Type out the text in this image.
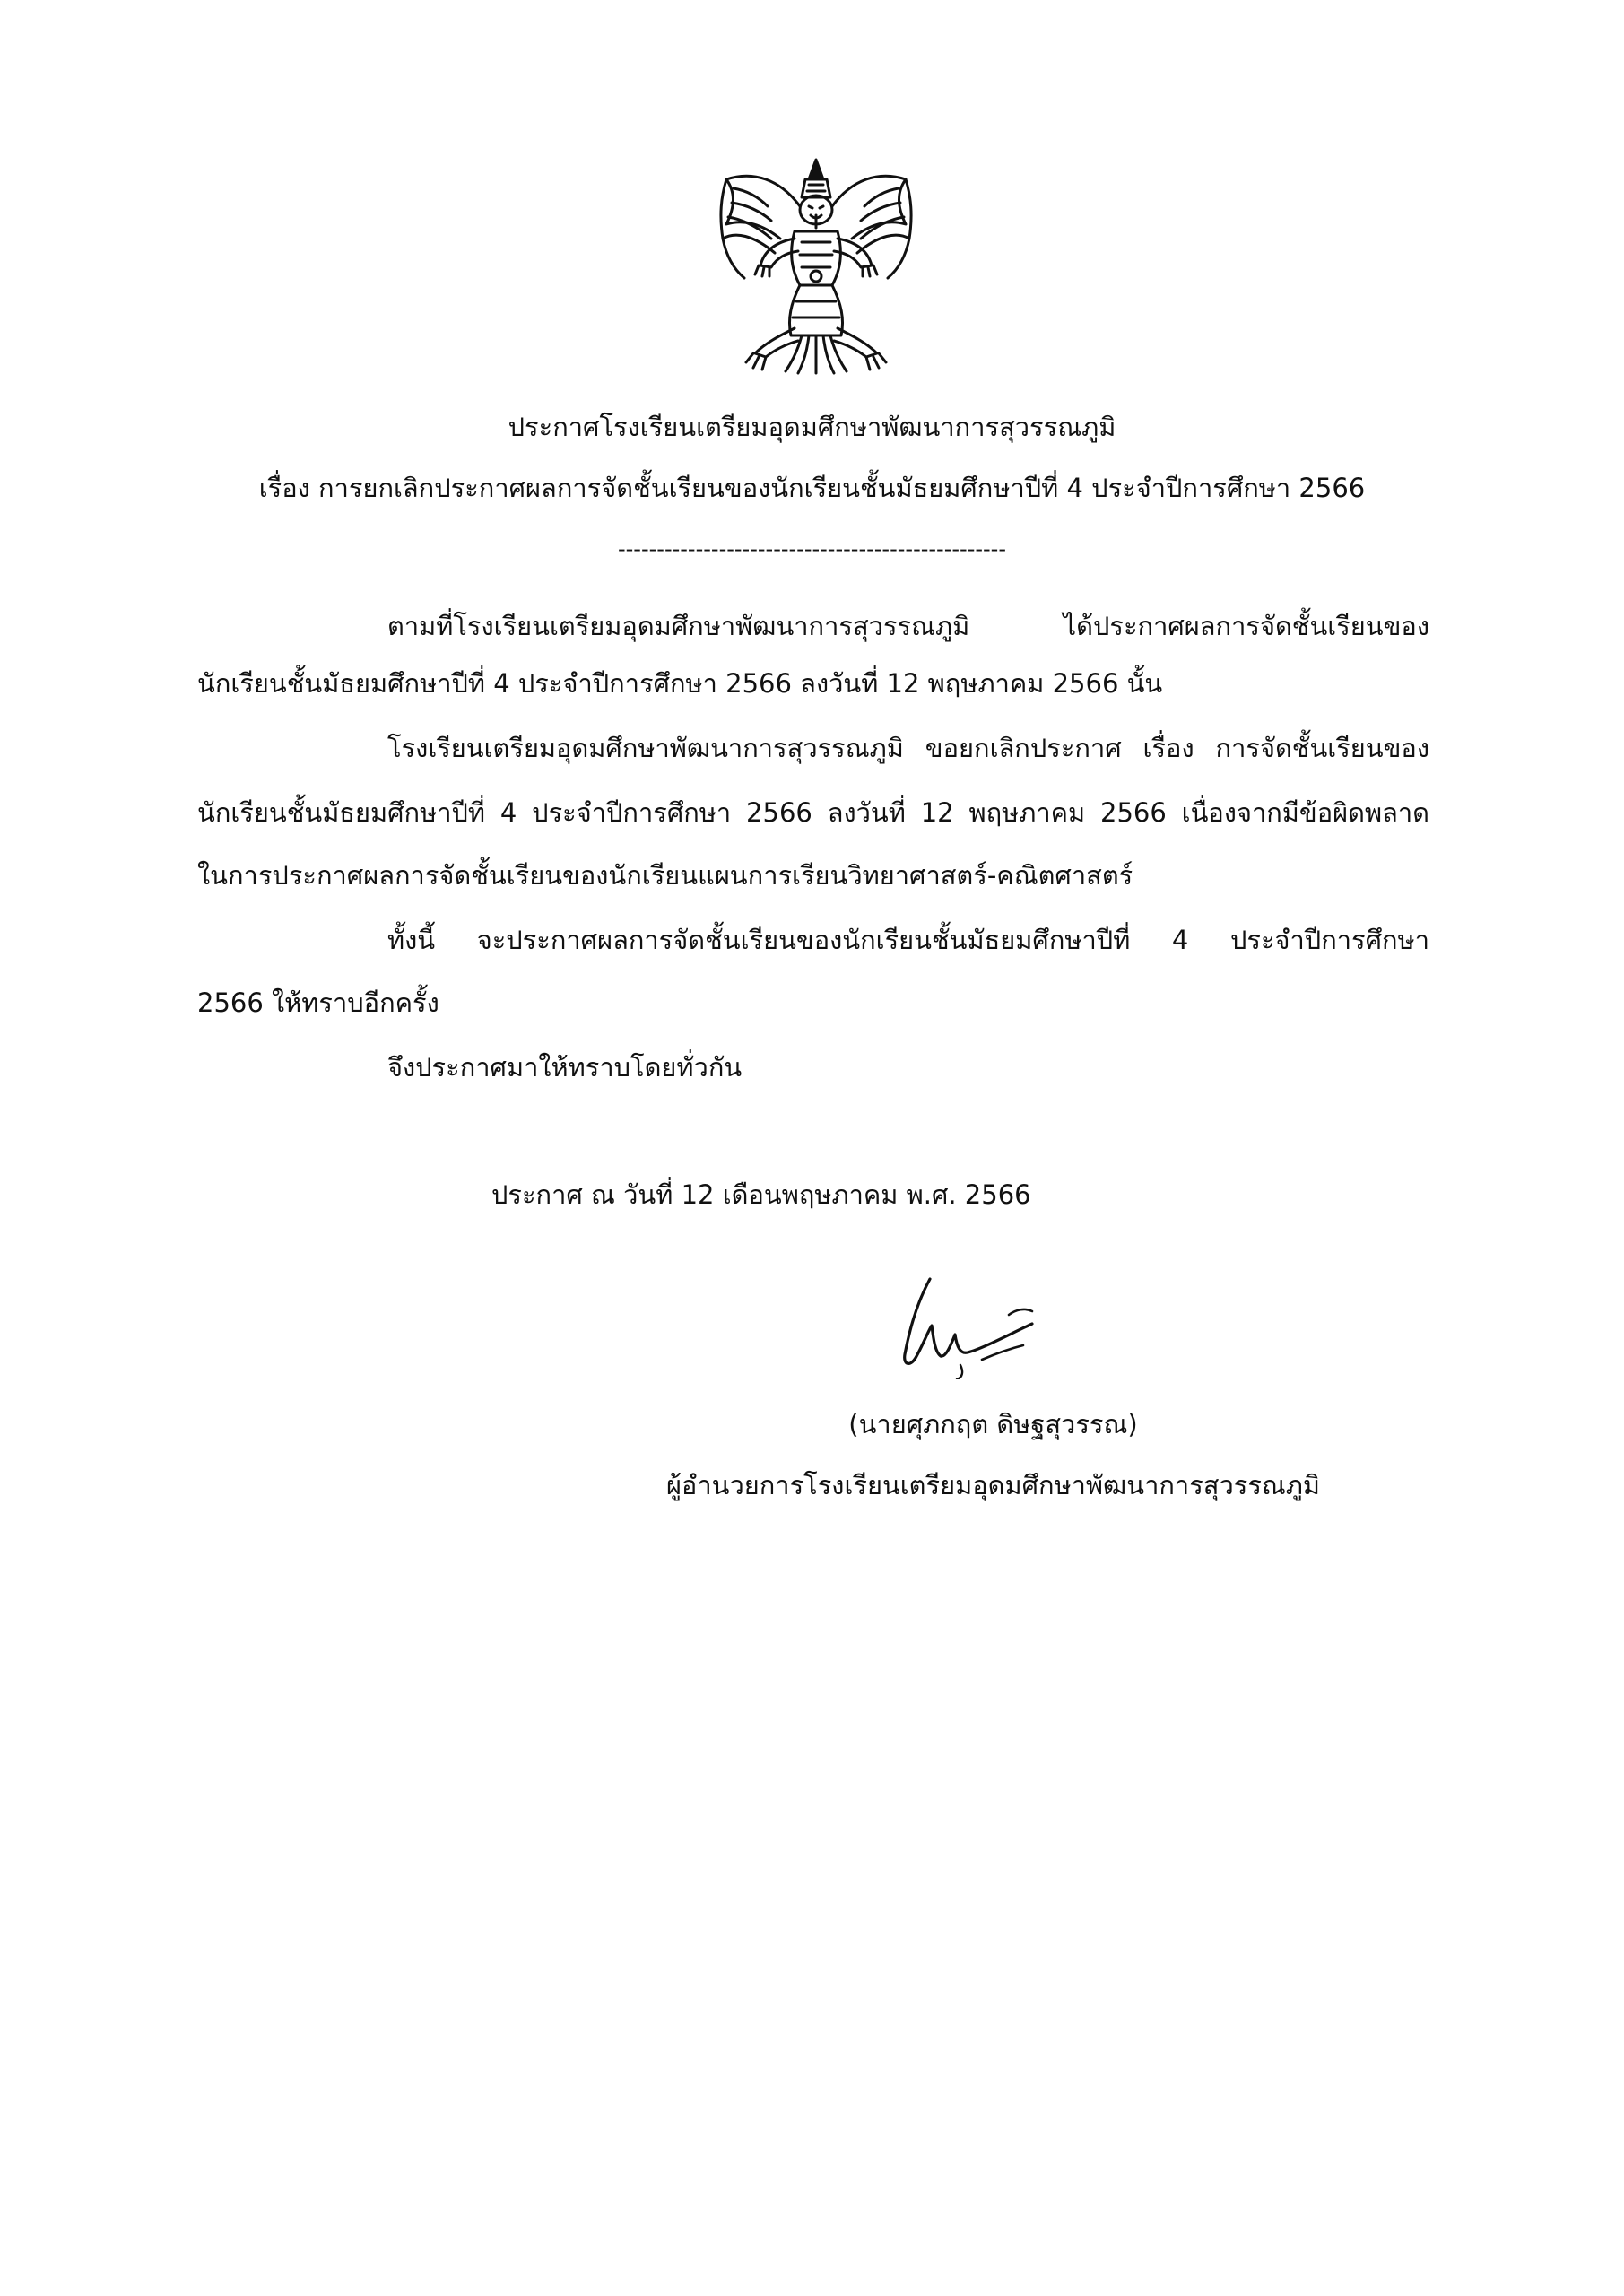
ประกาศโรงเรียนเตรียมอุดมศึกษาพัฒนาการสุวรรณภูมิ
เรื่อง การยกเลิกประกาศผลการจัดชั้นเรียนของนักเรียนชั้นมัธยมศึกษาปีที่ 4 ประจำปีการศึกษา 2566
--------------------------------------------------
ตามที่โรงเรียนเตรียมอุดมศึกษาพัฒนาการสุวรรณภูมิ ได้ประกาศผลการจัดชั้นเรียนของ
นักเรียนชั้นมัธยมศึกษาปีที่ 4 ประจำปีการศึกษา 2566 ลงวันที่ 12 พฤษภาคม 2566 นั้น
โรงเรียนเตรียมอุดมศึกษาพัฒนาการสุวรรณภูมิ ขอยกเลิกประกาศ เรื่อง การจัดชั้นเรียนของ
นักเรียนชั้นมัธยมศึกษาปีที่ 4 ประจำปีการศึกษา 2566 ลงวันที่ 12 พฤษภาคม 2566 เนื่องจากมีข้อผิดพลาด
ในการประกาศผลการจัดชั้นเรียนของนักเรียนแผนการเรียนวิทยาศาสตร์-คณิตศาสตร์
ทั้งนี้ จะประกาศผลการจัดชั้นเรียนของนักเรียนชั้นมัธยมศึกษาปีที่ 4 ประจำปีการศึกษา
2566 ให้ทราบอีกครั้ง
จึงประกาศมาให้ทราบโดยทั่วกัน
ประกาศ ณ วันที่ 12 เดือนพฤษภาคม พ.ศ. 2566
(นายศุภกฤต ดิษฐสุวรรณ)
ผู้อำนวยการโรงเรียนเตรียมอุดมศึกษาพัฒนาการสุวรรณภูมิ
